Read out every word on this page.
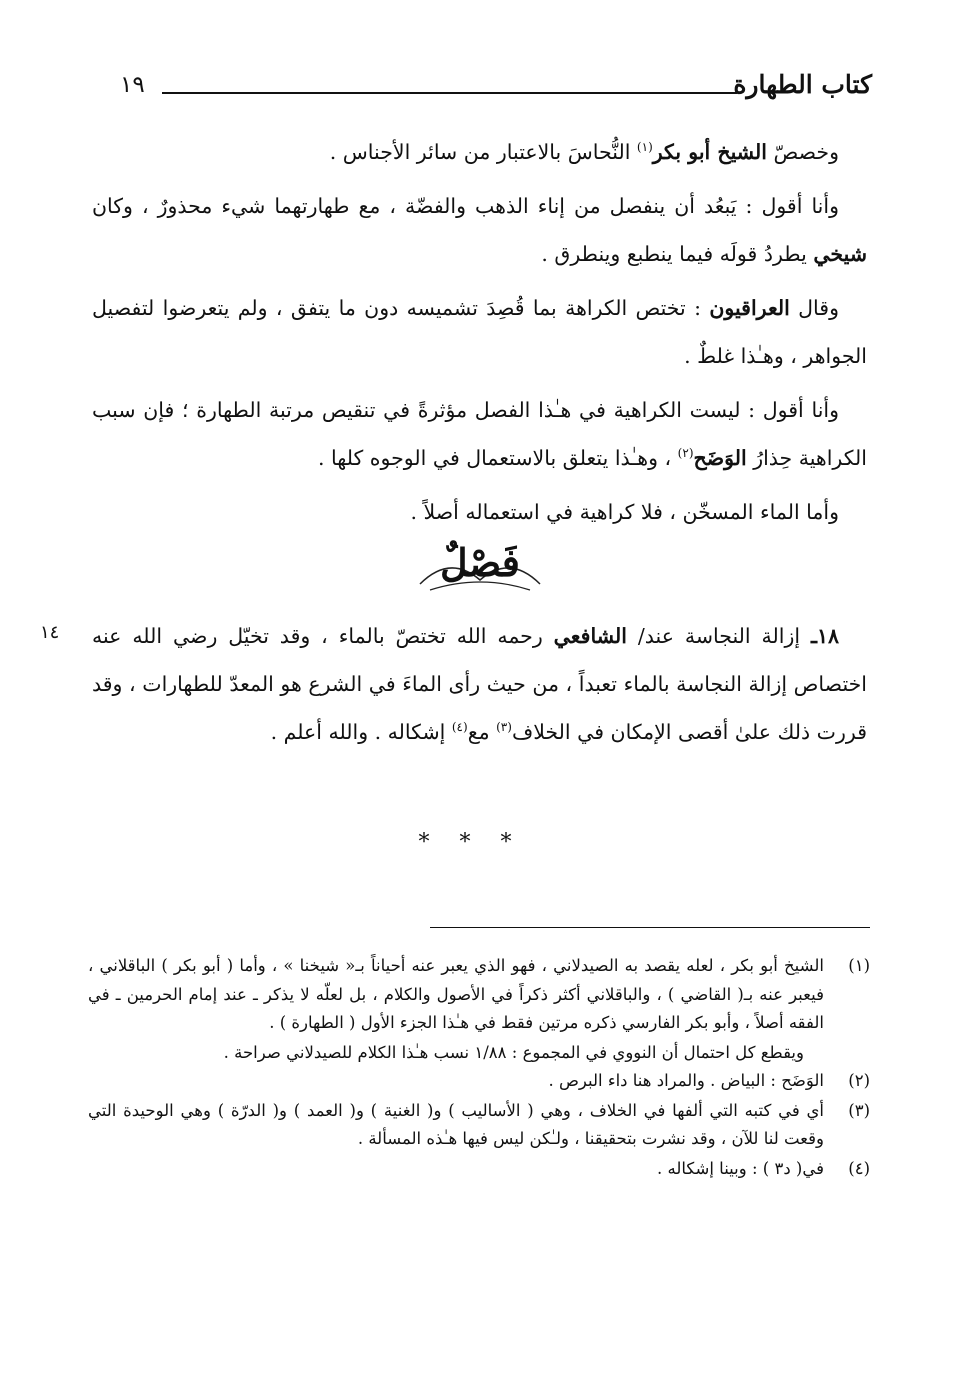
كتاب الطهارة
١٩

وخصصّ الشيخ أبو بكر$^{(١)}$ النُّحاسَ بالاعتبار من سائر الأجناس .

وأنا أقول : يَبعُد أن ينفصل من إناء الذهب والفضّة ، مع طهارتهما شيء محذورٌ ، وكان شيخي يطردُ قولَه فيما ينطبع وينطرق .

وقال العراقيون : تختص الكراهة بما قُصِدَ تشميسه دون ما يتفق ، ولم يتعرضوا لتفصيل الجواهر ، وهـٰذا غلطٌ .

وأنا أقول : ليست الكراهية في هـٰذا الفصل مؤثرةً في تنقيص مرتبة الطهارة ؛ فإن سبب الكراهية حِذارُ الوَضَح$^{(٢)}$ ، وهـٰذا يتعلق بالاستعمال في الوجوه كلها .

وأما الماء المسخّن ، فلا كراهية في استعماله أصلاً .

فَصْلٌ
١٤	١٨ـ إزالة النجاسة عند/ الشافعي رحمه الله تختصّ بالماء ، وقد تخيّل رضي الله عنه اختصاص إزالة النجاسة بالماء تعبداً ، من حيث رأى الماءَ في الشرع هو المعدّ للطهارات ، وقد قررت ذلك علىٰ أقصى الإمكان في الخلاف$^{(٣)}$ مع$^{(٤)}$ إشكاله . والله أعلم .

***
(١)
الشيخ أبو بكر ، لعله يقصد به الصيدلاني ، فهو الذي يعبر عنه أحياناً بـ« شيخنا » ، وأما ( أبو بكر ) الباقلاني ، فيعبر عنه بـ( القاضي ) ، والباقلاني أكثر ذكراً في الأصول والكلام ، بل لعلّه لا يذكر ـ عند إمام الحرمين ـ في الفقه أصلاً ، وأبو بكر الفارسي ذكره مرتين فقط في هـٰذا الجزء الأول ( الطهارة ) .
ويقطع كل احتمال أن النووي في المجموع : ١/٨٨ نسب هـٰذا الكلام للصيدلاني صراحة .
(٢)
الوَضَح : البياض . والمراد هنا داء البرص .
(٣)
أي في كتبه التي ألفها في الخلاف ، وهي ( الأساليب ) و( الغنية ) و( العمد ) و( الدرّة ) وهي الوحيدة التي وقعت لنا للآن ، وقد نشرت بتحقيقنا ، ولـٰكن ليس فيها هـٰذه المسألة .
(٤)
في( د٣ ) : وبينا إشكاله .
